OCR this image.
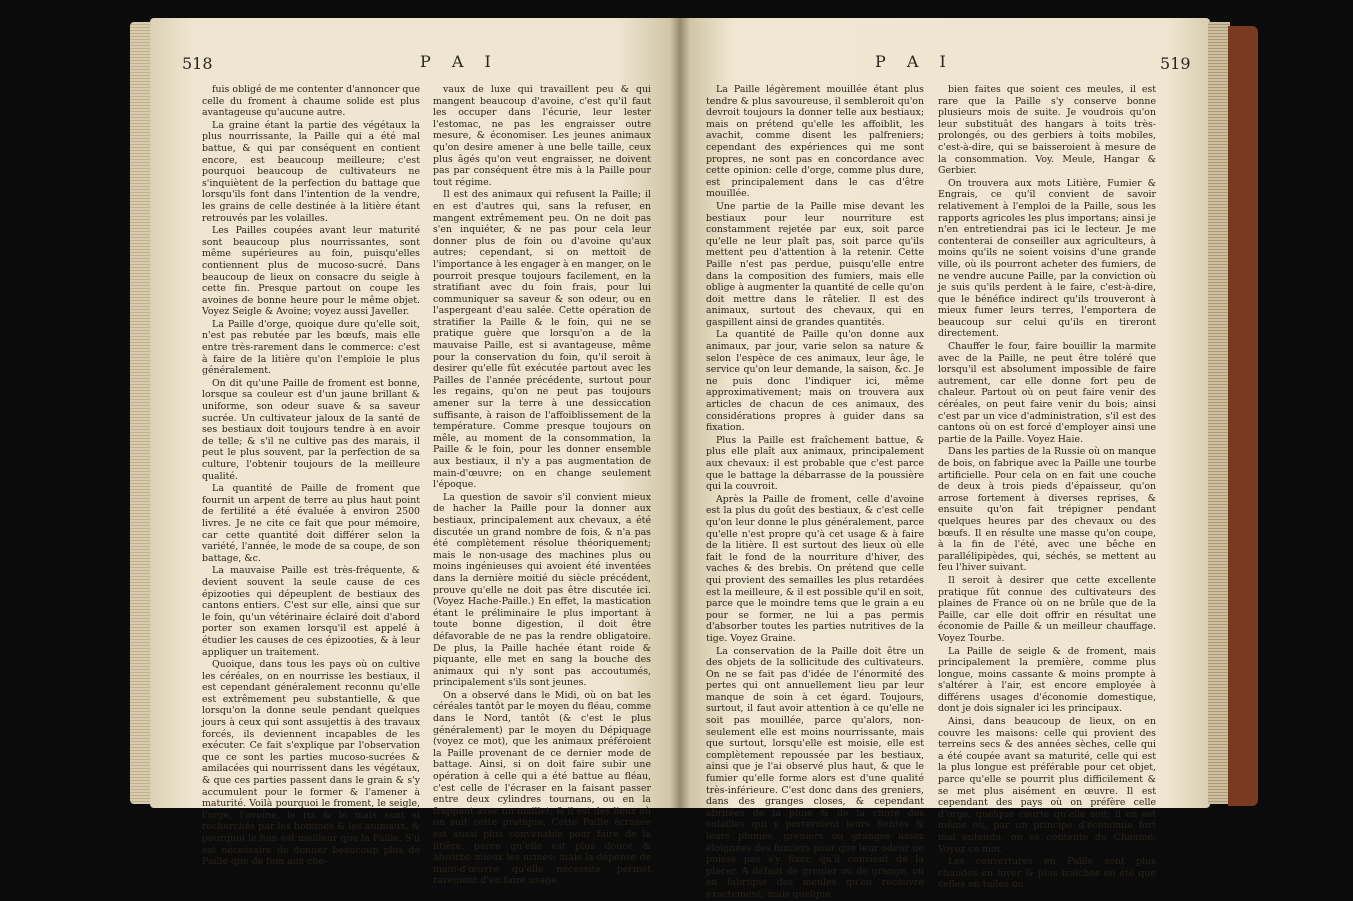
518	P A I

fuis obligé de me contenter d'annoncer que celle du froment à chaume solide est plus avantageuse qu'aucune autre.

La graine étant la partie des végétaux la plus nourrissante, la Paille qui a été mal battue, & qui par conséquent en contient encore, est beaucoup meilleure; c'est pourquoi beaucoup de cultivateurs ne s'inquiètent de la perfection du battage que lorsqu'ils font dans l'intention de la vendre, les grains de celle destinée à la litière étant retrouvés par les volailles.

Les Pailles coupées avant leur maturité sont beaucoup plus nourrissantes, sont même supérieures au foin, puisqu'elles contiennent plus de mucoso-sucré. Dans beaucoup de lieux on consacre du seigle à cette fin. Presque partout on coupe les avoines de bonne heure pour le même objet. Voyez Seigle & Avoine; voyez aussi Javeller.

La Paille d'orge, quoique dure qu'elle soit, n'est pas rebutée par les bœufs, mais elle entre très-rarement dans le commerce: c'est à faire de la litière qu'on l'emploie le plus généralement.

On dit qu'une Paille de froment est bonne, lorsque sa couleur est d'un jaune brillant & uniforme, son odeur suave & sa saveur sucrée. Un cultivateur jaloux de la santé de ses bestiaux doit toujours tendre à en avoir de telle; & s'il ne cultive pas des marais, il peut le plus souvent, par la perfection de sa culture, l'obtenir toujours de la meilleure qualité.

La quantité de Paille de froment que fournit un arpent de terre au plus haut point de fertilité a été évaluée à environ 2500 livres. Je ne cite ce fait que pour mémoire, car cette quantité doit différer selon la variété, l'année, le mode de sa coupe, de son battage, &c.

La mauvaise Paille est très-fréquente, & devient souvent la seule cause de ces épizooties qui dépeuplent de bestiaux des cantons entiers. C'est sur elle, ainsi que sur le foin, qu'un vétérinaire éclairé doit d'abord porter son examen lorsqu'il est appelé à étudier les causes de ces épizooties, & à leur appliquer un traitement.

Quoique, dans tous les pays où on cultive les céréales, on en nourrisse les bestiaux, il est cependant généralement reconnu qu'elle est extrêmement peu substantielle, & que lorsqu'on la donne seule pendant quelques jours à ceux qui sont assujettis à des travaux forcés, ils deviennent incapables de les exécuter. Ce fait s'explique par l'observation que ce sont les parties mucoso-sucrées & amilacées qui nourrissent dans les végétaux, & que ces parties passent dans le grain & s'y accumulent pour le former & l'amener à maturité. Voilà pourquoi le froment, le seigle, l'orge, l'avoine, le riz & le maïs sont si recherchés par les hommes & les animaux, & pourquoi le foin est meilleur que la Paille. S'il est nécessaire de donner beaucoup plus de Paille que de foin aux che-

vaux de luxe qui travaillent peu & qui mangent beaucoup d'avoine, c'est qu'il faut les occuper dans l'écurie, leur lester l'estomac, ne pas les engraisser outre mesure, & économiser. Les jeunes animaux qu'on desire amener à une belle taille, ceux plus âgés qu'on veut engraisser, ne doivent pas par conséquent être mis à la Paille pour tout régime.

Il est des animaux qui refusent la Paille; il en est d'autres qui, sans la refuser, en mangent extrêmement peu. On ne doit pas s'en inquiéter, & ne pas pour cela leur donner plus de foin ou d'avoine qu'aux autres; cependant, si on mettoit de l'importance à les engager à en manger, on le pourroit presque toujours facilement, en la stratifiant avec du foin frais, pour lui communiquer sa saveur & son odeur, ou en l'aspergeant d'eau salée. Cette opération de stratifier la Paille & le foin, qui ne se pratique guère que lorsqu'on a de la mauvaise Paille, est si avantageuse, même pour la conservation du foin, qu'il seroit à desirer qu'elle fût exécutée partout avec les Pailles de l'année précédente, surtout pour les regains, qu'on ne peut pas toujours amener sur la terre à une dessiccation suffisante, à raison de l'affoiblissement de la température. Comme presque toujours on mêle, au moment de la consommation, la Paille & le foin, pour les donner ensemble aux bestiaux, il n'y a pas augmentation de main-d'œuvre; on en change seulement l'époque.

La question de savoir s'il convient mieux de hacher la Paille pour la donner aux bestiaux, principalement aux chevaux, a été discutée un grand nombre de fois, & n'a pas été complètement résolue théoriquement; mais le non-usage des machines plus ou moins ingénieuses qui avoient été inventées dans la dernière moitié du siècle précédent, prouve qu'elle ne doit pas être discutée ici. (Voyez Hache-Paille.) En effet, la mastication étant le préliminaire le plus important à toute bonne digestion, il doit être défavorable de ne pas la rendre obligatoire. De plus, la Paille hachée étant roide & piquante, elle met en sang la bouche des animaux qui n'y sont pas accoutumés, principalement s'ils sont jeunes.

On a observé dans le Midi, où on bat les céréales tantôt par le moyen du fléau, comme dans le Nord, tantôt (& c'est le plus généralement) par le moyen du Dépiquage (voyez ce mot), que les animaux préféroient la Paille provenant de ce dernier mode de battage. Ainsi, si on doit faire subir une opération à celle qui a été battue au fléau, c'est celle de l'écraser en la faisant passer entre deux cylindres tournans, ou en la frappant avec un maillet; & il est des lieux où on suit cette pratique. Cette Paille écrasée est aussi plus convenable pour faire de la litière, parce qu'elle est plus douce & absorbe mieux les urines; mais la dépense de main-d'œuvre qu'elle nécessite, permet rarement d'en faire usage.

P A I	519

La Paille légèrement mouillée étant plus tendre & plus savoureuse, il sembleroit qu'on devroit toujours la donner telle aux bestiaux; mais on prétend qu'elle les affoiblit, les avachit, comme disent les palfreniers; cependant des expériences qui me sont propres, ne sont pas en concordance avec cette opinion: celle d'orge, comme plus dure, est principalement dans le cas d'être mouillée.

Une partie de la Paille mise devant les bestiaux pour leur nourriture est constamment rejetée par eux, soit parce qu'elle ne leur plaît pas, soit parce qu'ils mettent peu d'attention à la retenir. Cette Paille n'est pas perdue, puisqu'elle entre dans la composition des fumiers, mais elle oblige à augmenter la quantité de celle qu'on doit mettre dans le râtelier. Il est des animaux, surtout des chevaux, qui en gaspillent ainsi de grandes quantités.

La quantité de Paille qu'on donne aux animaux, par jour, varie selon sa nature & selon l'espèce de ces animaux, leur âge, le service qu'on leur demande, la saison, &c. Je ne puis donc l'indiquer ici, même approximativement; mais on trouvera aux articles de chacun de ces animaux, des considérations propres à guider dans sa fixation.

Plus la Paille est fraîchement battue, & plus elle plaît aux animaux, principalement aux chevaux: il est probable que c'est parce que le battage la débarrasse de la poussière qui la couvroit.

Après la Paille de froment, celle d'avoine est la plus du goût des bestiaux, & c'est celle qu'on leur donne le plus généralement, parce qu'elle n'est propre qu'à cet usage & à faire de la litière. Il est surtout des lieux où elle fait le fond de la nourriture d'hiver, des vaches & des brebis. On prétend que celle qui provient des semailles les plus retardées est la meilleure, & il est possible qu'il en soit, parce que le moindre tems que le grain a eu pour se former, ne lui a pas permis d'absorber toutes les parties nutritives de la tige. Voyez Graine.

La conservation de la Paille doit être un des objets de la sollicitude des cultivateurs. On ne se fait pas d'idée de l'énormité des pertes qui ont annuellement lieu par leur manque de soin à cet égard. Toujours, surtout, il faut avoir attention à ce qu'elle ne soit pas mouillée, parce qu'alors, non-seulement elle est moins nourrissante, mais que surtout, lorsqu'elle est moisie, elle est complètement repoussée par les bestiaux, ainsi que je l'ai observé plus haut, & que le fumier qu'elle forme alors est d'une qualité très-inférieure. C'est donc dans des greniers, dans des granges closes, & cependant abritées de la pluie & de la chute des volailles qui y porteroient leurs fientes & leurs plumes, greniers ou granges assez éloignées des fumiers pour que leur odeur ne puisse pas s'y fixer, qu'il convient de la placer. A défaut de grenier ou de grange, on en fabrique des meules qu'on recouvre exactement; mais quelque

bien faites que soient ces meules, il est rare que la Paille s'y conserve bonne plusieurs mois de suite. Je voudrois qu'on leur substituât des hangars à toits très-prolongés, ou des gerbiers à toits mobiles, c'est-à-dire, qui se baisseroient à mesure de la consommation. Voy. Meule, Hangar & Gerbier.

On trouvera aux mots Litière, Fumier & Engrais, ce qu'il convient de savoir relativement à l'emploi de la Paille, sous les rapports agricoles les plus importans; ainsi je n'en entretiendrai pas ici le lecteur. Je me contenterai de conseiller aux agriculteurs, à moins qu'ils ne soient voisins d'une grande ville, où ils pourront acheter des fumiers, de ne vendre aucune Paille, par la conviction où je suis qu'ils perdent à le faire, c'est-à-dire, que le bénéfice indirect qu'ils trouveront à mieux fumer leurs terres, l'emportera de beaucoup sur celui qu'ils en tireront directement.

Chauffer le four, faire bouillir la marmite avec de la Paille, ne peut être toléré que lorsqu'il est absolument impossible de faire autrement, car elle donne fort peu de chaleur. Partout où on peut faire venir des céréales, on peut faire venir du bois; ainsi c'est par un vice d'administration, s'il est des cantons où on est forcé d'employer ainsi une partie de la Paille. Voyez Haie.

Dans les parties de la Russie où on manque de bois, on fabrique avec la Paille une tourbe artificielle. Pour cela on en fait une couche de deux à trois pieds d'épaisseur, qu'on arrose fortement à diverses reprises, & ensuite qu'on fait trépigner pendant quelques heures par des chevaux ou des bœufs. Il en résulte une masse qu'on coupe, à la fin de l'été, avec une bêche en parallélipipèdes, qui, séchés, se mettent au feu l'hiver suivant.

Il seroit à desirer que cette excellente pratique fût connue des cultivateurs des plaines de France où on ne brûle que de la Paille, car elle doit offrir en résultat une économie de Paille & un meilleur chauffage. Voyez Tourbe.

La Paille de seigle & de froment, mais principalement la première, comme plus longue, moins cassante & moins prompte à s'altérer à l'air, est encore employée à différens usages d'économie domestique, dont je dois signaler ici les principaux.

Ainsi, dans beaucoup de lieux, on en couvre les maisons: celle qui provient des terreins secs & des années sèches, celle qui a été coupée avant sa maturité, celle qui est la plus longue est préférable pour cet objet, parce qu'elle se pourrit plus difficilement & se met plus aisément en œuvre. Il est cependant des pays où on préfère celle d'orge, quelque courte qu'elle soit; il en est même où, par un principe d'économie fort mal entendu, on se contente du Chaume. Voyez ce mot.

Les couvertures en Paille sont plus chaudes en hiver & plus fraîches en été que celles en tuiles ou
